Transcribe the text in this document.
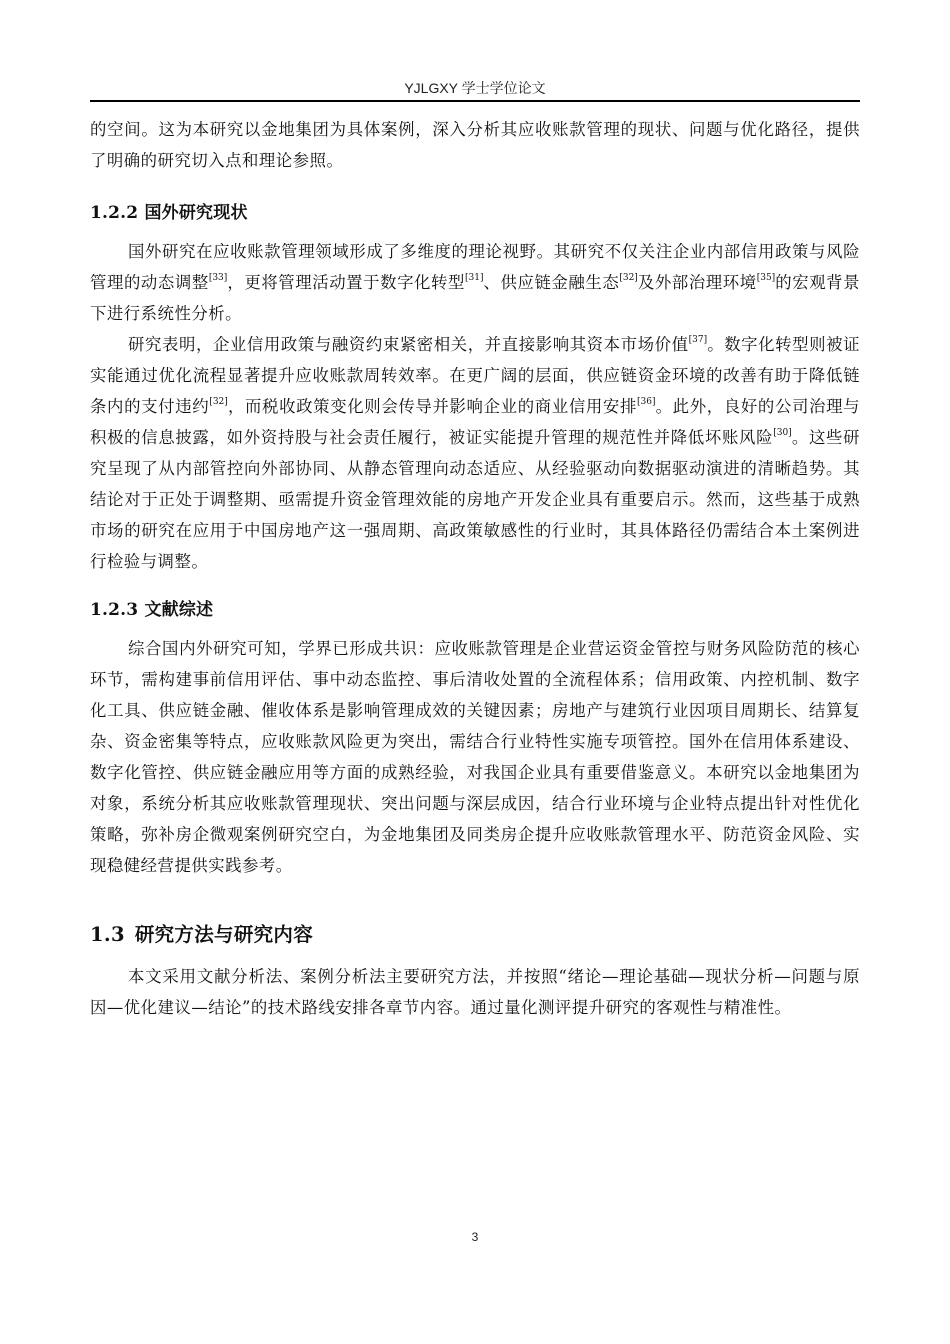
YJLGXY 学士学位论文

的空间。这为本研究以金地集团为具体案例，深入分析其应收账款管理的现状、问题与优化路径，提供了明确的研究切入点和理论参照。

1.2.2 国外研究现状

国外研究在应收账款管理领域形成了多维度的理论视野。其研究不仅关注企业内部信用政策与风险管理的动态调整[33]，更将管理活动置于数字化转型[31]、供应链金融生态[32]及外部治理环境[35]的宏观背景下进行系统性分析。

研究表明，企业信用政策与融资约束紧密相关，并直接影响其资本市场价值[37]。数字化转型则被证实能通过优化流程显著提升应收账款周转效率。在更广阔的层面，供应链资金环境的改善有助于降低链条内的支付违约[32]，而税收政策变化则会传导并影响企业的商业信用安排[36]。此外，良好的公司治理与积极的信息披露，如外资持股与社会责任履行，被证实能提升管理的规范性并降低坏账风险[30]。这些研究呈现了从内部管控向外部协同、从静态管理向动态适应、从经验驱动向数据驱动演进的清晰趋势。其结论对于正处于调整期、亟需提升资金管理效能的房地产开发企业具有重要启示。然而，这些基于成熟市场的研究在应用于中国房地产这一强周期、高政策敏感性的行业时，其具体路径仍需结合本土案例进行检验与调整。

1.2.3 文献综述

综合国内外研究可知，学界已形成共识：应收账款管理是企业营运资金管控与财务风险防范的核心环节，需构建事前信用评估、事中动态监控、事后清收处置的全流程体系；信用政策、内控机制、数字化工具、供应链金融、催收体系是影响管理成效的关键因素；房地产与建筑行业因项目周期长、结算复杂、资金密集等特点，应收账款风险更为突出，需结合行业特性实施专项管控。国外在信用体系建设、数字化管控、供应链金融应用等方面的成熟经验，对我国企业具有重要借鉴意义。本研究以金地集团为对象，系统分析其应收账款管理现状、突出问题与深层成因，结合行业环境与企业特点提出针对性优化策略，弥补房企微观案例研究空白，为金地集团及同类房企提升应收账款管理水平、防范资金风险、实现稳健经营提供实践参考。

1.3 研究方法与研究内容

本文采用文献分析法、案例分析法主要研究方法，并按照“绪论—理论基础—现状分析—问题与原因—优化建议—结论”的技术路线安排各章节内容。通过量化测评提升研究的客观性与精准性。

3
